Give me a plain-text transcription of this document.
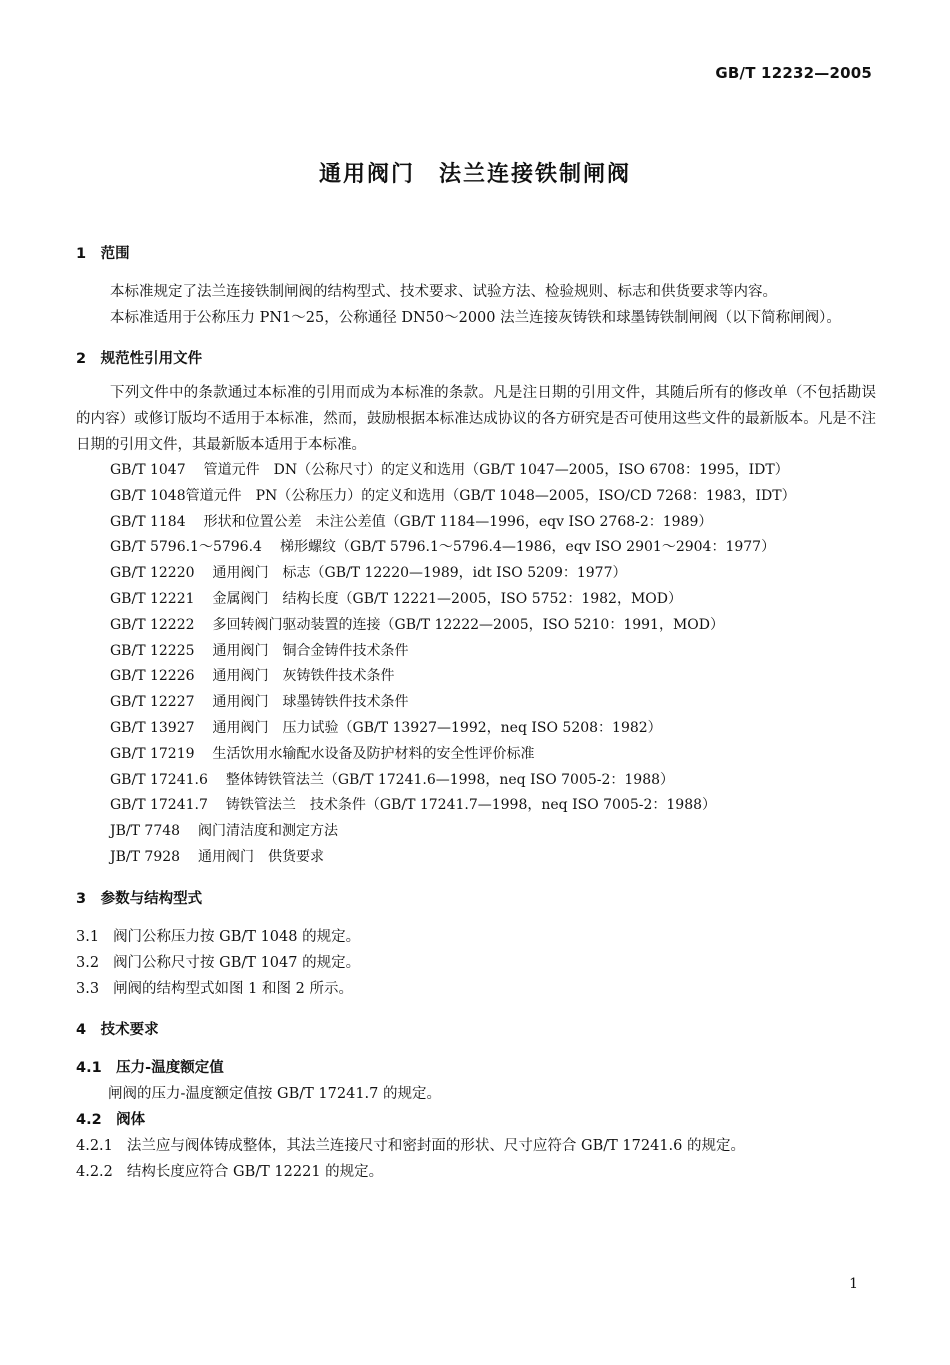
GB/T 12232—2005
通用阀门　法兰连接铁制闸阀

1　范围

本标准规定了法兰连接铁制闸阀的结构型式、技术要求、试验方法、检验规则、标志和供货要求等内容。

本标准适用于公称压力 PN1～25，公称通径 DN50～2000 法兰连接灰铸铁和球墨铸铁制闸阀（以下简称闸阀）。

2　规范性引用文件

下列文件中的条款通过本标准的引用而成为本标准的条款。凡是注日期的引用文件，其随后所有的修改单（不包括勘误的内容）或修订版均不适用于本标准，然而，鼓励根据本标准达成协议的各方研究是否可使用这些文件的最新版本。凡是不注日期的引用文件，其最新版本适用于本标准。

GB/T 1047 管道元件　DN（公称尺寸）的定义和选用（GB/T 1047—2005，ISO 6708：1995，IDT）

GB/T 1048管道元件　PN（公称压力）的定义和选用（GB/T 1048—2005，ISO/CD 7268：1983，IDT）

GB/T 1184 形状和位置公差　未注公差值（GB/T 1184—1996，eqv ISO 2768-2：1989）

GB/T 5796.1～5796.4 梯形螺纹（GB/T 5796.1～5796.4—1986，eqv ISO 2901～2904：1977）

GB/T 12220 通用阀门　标志（GB/T 12220—1989，idt ISO 5209：1977）

GB/T 12221 金属阀门　结构长度（GB/T 12221—2005，ISO 5752：1982，MOD）

GB/T 12222 多回转阀门驱动装置的连接（GB/T 12222—2005，ISO 5210：1991，MOD）

GB/T 12225 通用阀门　铜合金铸件技术条件

GB/T 12226 通用阀门　灰铸铁件技术条件

GB/T 12227 通用阀门　球墨铸铁件技术条件

GB/T 13927 通用阀门　压力试验（GB/T 13927—1992，neq ISO 5208：1982）

GB/T 17219 生活饮用水输配水设备及防护材料的安全性评价标准

GB/T 17241.6 整体铸铁管法兰（GB/T 17241.6—1998，neq ISO 7005-2：1988）

GB/T 17241.7 铸铁管法兰　技术条件（GB/T 17241.7—1998，neq ISO 7005-2：1988）

JB/T 7748 阀门清洁度和测定方法

JB/T 7928 通用阀门　供货要求

3　参数与结构型式

3.1 阀门公称压力按 GB/T 1048 的规定。

3.2 阀门公称尺寸按 GB/T 1047 的规定。

3.3 闸阀的结构型式如图 1 和图 2 所示。

4　技术要求

4.1　压力-温度额定值

闸阀的压力-温度额定值按 GB/T 17241.7 的规定。

4.2　阀体

4.2.1 法兰应与阀体铸成整体，其法兰连接尺寸和密封面的形状、尺寸应符合 GB/T 17241.6 的规定。

4.2.2 结构长度应符合 GB/T 12221 的规定。

1
